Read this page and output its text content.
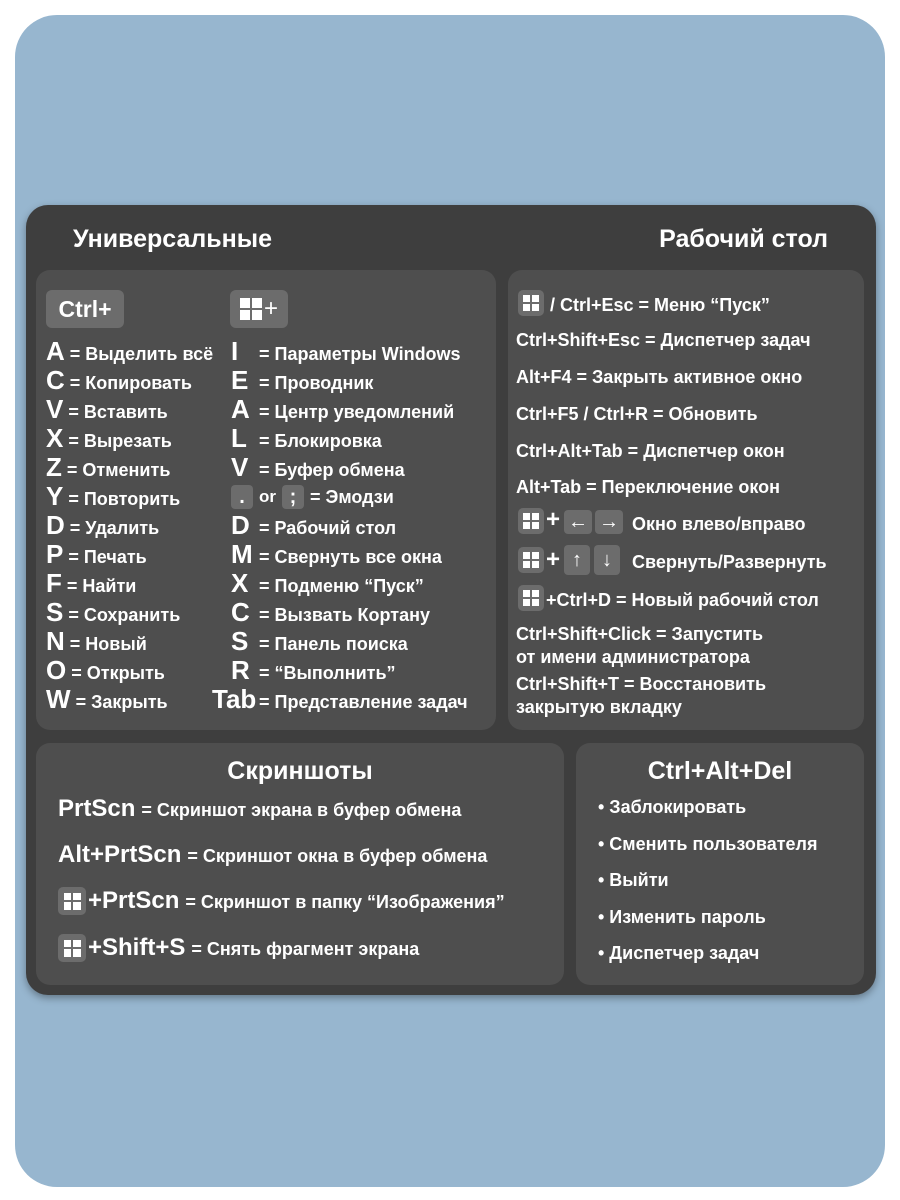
Универсальные	Рабочий стол
Ctrl+	+
A = Выделить всё
C = Копировать
V = Вставить
X = Вырезать
Z = Отменить
Y = Повторить
D = Удалить
P = Печать
F = Найти
S = Сохранить
N = Новый
O = Открыть
W = Закрыть
I = Параметры Windows
E = Проводник
A = Центр уведомлений
L = Блокировка
V = Буфер обмена
. or ; = Эмодзи
D = Рабочий стол
M = Свернуть все окна
X = Подменю “Пуск”
C = Вызвать Кортану
S = Панель поиска
R = “Выполнить”
Tab = Представление задач
/ Ctrl+Esc = Меню “Пуск”
Ctrl+Shift+Esc = Диспетчер задач
Alt+F4 = Закрыть активное окно
Ctrl+F5 / Ctrl+R = Обновить
Ctrl+Alt+Tab = Диспетчер окон
Alt+Tab = Переключение окон
+ ← → Окно влево/вправо
+ ↑	↓	Свернуть/Развернуть
+Ctrl+D = Новый рабочий стол
Ctrl+Shift+Click = Запустить
от имени администратора
Ctrl+Shift+T = Восстановить
закрытую вкладку
Скриншоты
PrtScn = Скриншот экрана в буфер обмена
Alt+PrtScn = Скриншот окна в буфер обмена
+PrtScn = Скриншот в папку “Изображения”
+Shift+S = Снять фрагмент экрана
Ctrl+Alt+Del
• Заблокировать
• Сменить пользователя
• Выйти
• Изменить пароль
• Диспетчер задач
